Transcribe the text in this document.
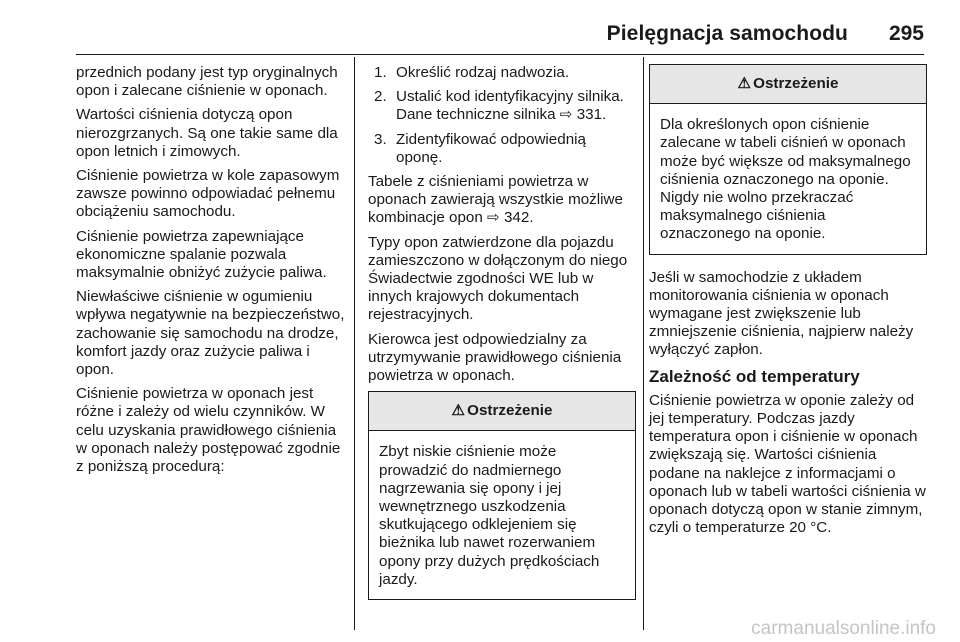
Pielęgnacja samochodu 295

przednich podany jest typ oryginalnych opon i zalecane ciśnienie w oponach.

Wartości ciśnienia dotyczą opon nierozgrzanych. Są one takie same dla opon letnich i zimowych.

Ciśnienie powietrza w kole zapasowym zawsze powinno odpowiadać pełnemu obciążeniu samochodu.

Ciśnienie powietrza zapewniające ekonomiczne spalanie pozwala maksymalnie obniżyć zużycie paliwa.

Niewłaściwe ciśnienie w ogumieniu wpływa negatywnie na bezpieczeństwo, zachowanie się samochodu na drodze, komfort jazdy oraz zużycie paliwa i opon.

Ciśnienie powietrza w oponach jest różne i zależy od wielu czynników. W celu uzyskania prawidłowego ciśnienia w oponach należy postępować zgodnie z poniższą procedurą:

1. Określić rodzaj nadwozia.
2. Ustalić kod identyfikacyjny silnika. Dane techniczne silnika ⇨ 331.
3. Zidentyfikować odpowiednią oponę.

Tabele z ciśnieniami powietrza w oponach zawierają wszystkie możliwe kombinacje opon ⇨ 342.

Typy opon zatwierdzone dla pojazdu zamieszczono w dołączonym do niego Świadectwie zgodności WE lub w innych krajowych dokumentach rejestracyjnych.

Kierowca jest odpowiedzialny za utrzymywanie prawidłowego ciśnienia powietrza w oponach.

⚠ Ostrzeżenie
Zbyt niskie ciśnienie może prowadzić do nadmiernego nagrzewania się opony i jej wewnętrznego uszkodzenia skutkującego odklejeniem się bieżnika lub nawet rozerwaniem opony przy dużych prędkościach jazdy.
⚠ Ostrzeżenie
Dla określonych opon ciśnienie zalecane w tabeli ciśnień w oponach może być większe od maksymalnego ciśnienia oznaczonego na oponie. Nigdy nie wolno przekraczać maksymalnego ciśnienia oznaczonego na oponie.

Jeśli w samochodzie z układem monitorowania ciśnienia w oponach wymagane jest zwiększenie lub zmniejszenie ciśnienia, najpierw należy wyłączyć zapłon.

Zależność od temperatury

Ciśnienie powietrza w oponie zależy od jej temperatury. Podczas jazdy temperatura opon i ciśnienie w oponach zwiększają się. Wartości ciśnienia podane na naklejce z informacjami o oponach lub w tabeli wartości ciśnienia w oponach dotyczą opon w stanie zimnym, czyli o temperaturze 20 °C.

carmanualsonline.info
